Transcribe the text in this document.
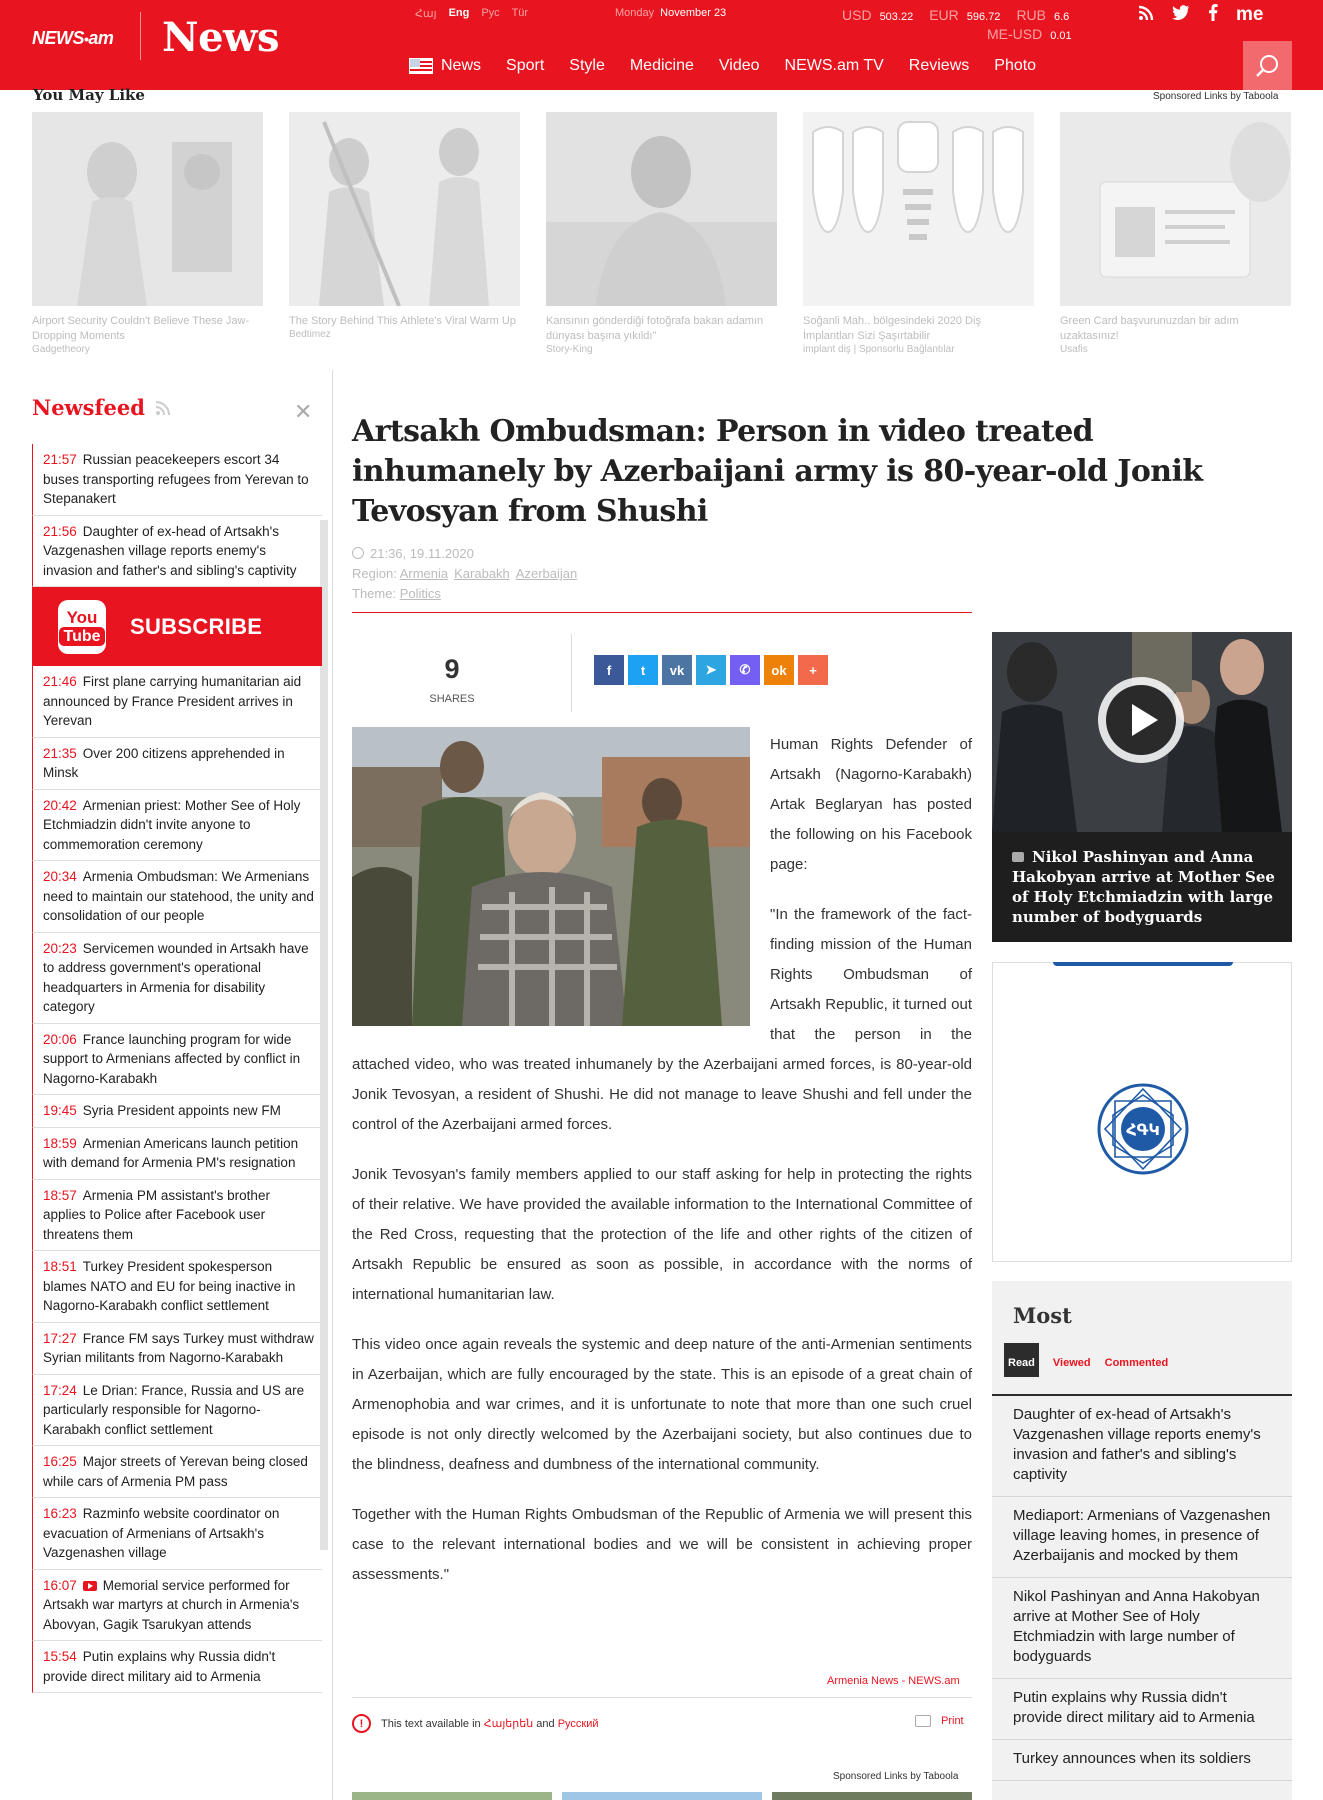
NEWS•am News	Հայ Eng Рус Tür	Monday November 23	USD 503.22 EUR 596.72 RUB 6.6
ME-USD 0.01
me
News Sport Style Medicine Video NEWS.am TV Reviews Photo
You May Like	Sponsored Links by Taboola
Airport Security Couldn't Believe These Jaw-Dropping Moments
Gadgetheory
The Story Behind This Athlete's Viral Warm Up
Bedtimez
Kansının gönderdiği fotoğrafa bakan adamın dünyası başına yıkıldı"
Story-King
Soğanli Mah.. bölgesindeki 2020 Diş İmplantları Sizi Şaşırtabilir
implant diş | Sponsorlu Bağlantılar
Green Card başvurunuzdan bir adım uzaktasınız!
Usafis
Newsfeed	✕
21:57 Russian peacekeepers escort 34 buses transporting refugees from Yerevan to Stepanakert
21:56 Daughter of ex-head of Artsakh's Vazgenashen village reports enemy's invasion and father's and sibling's captivity
You
Tube SUBSCRIBE
21:46 First plane carrying humanitarian aid announced by France President arrives in Yerevan
21:35 Over 200 citizens apprehended in Minsk
20:42 Armenian priest: Mother See of Holy Etchmiadzin didn't invite anyone to commemoration ceremony
20:34 Armenia Ombudsman: We Armenians need to maintain our statehood, the unity and consolidation of our people
20:23 Servicemen wounded in Artsakh have to address government's operational headquarters in Armenia for disability category
20:06 France launching program for wide support to Armenians affected by conflict in Nagorno-Karabakh
19:45 Syria President appoints new FM
18:59 Armenian Americans launch petition with demand for Armenia PM's resignation
18:57 Armenia PM assistant's brother applies to Police after Facebook user threatens them
18:51 Turkey President spokesperson blames NATO and EU for being inactive in Nagorno-Karabakh conflict settlement
17:27 France FM says Turkey must withdraw Syrian militants from Nagorno-Karabakh
17:24 Le Drian: France, Russia and US are particularly responsible for Nagorno-Karabakh conflict settlement
16:25 Major streets of Yerevan being closed while cars of Armenia PM pass
16:23 Razminfo website coordinator on evacuation of Armenians of Artsakh's Vazgenashen village
16:07 Memorial service performed for Artsakh war martyrs at church in Armenia's Abovyan, Gagik Tsarukyan attends
15:54 Putin explains why Russia didn't provide direct military aid to Armenia
Artsakh Ombudsman: Person in video treated inhumanely by Azerbaijani army is 80-year-old Jonik Tevosyan from Shushi
21:36, 19.11.2020
Region: Armenia Karabakh Azerbaijan
Theme: Politics
9
SHARES
f	t	vk	➤	✆	ok	+

Human Rights Defender of Artsakh (Nagorno-Karabakh) Artak Beglaryan has posted the following on his Facebook page:

"In the framework of the fact-finding mission of the Human Rights Ombudsman of Artsakh Republic, it turned out that the person in the attached video, who was treated inhumanely by the Azerbaijani armed forces, is 80-year-old Jonik Tevosyan, a resident of Shushi. He did not manage to leave Shushi and fell under the control of the Azerbaijani armed forces.

Jonik Tevosyan's family members applied to our staff asking for help in protecting the rights of their relative. We have provided the available information to the International Committee of the Red Cross, requesting that the protection of the life and other rights of the citizen of Artsakh Republic be ensured as soon as possible, in accordance with the norms of international humanitarian law.

This video once again reveals the systemic and deep nature of the anti-Armenian sentiments in Azerbaijan, which are fully encouraged by the state. This is an episode of a great chain of Armenophobia and war crimes, and it is unfortunate to note that more than one such cruel episode is not only directly welcomed by the Azerbaijani society, but also continues due to the blindness, deafness and dumbness of the international community.

Together with the Human Rights Ombudsman of the Republic of Armenia we will present this case to the relevant international bodies and we will be consistent in achieving proper assessments."

Armenia News - NEWS.am
!	This text available in Հայերեն and Русский	Print
Sponsored Links by Taboola
Nikol Pashinyan and Anna Hakobyan arrive at Mother See of Holy Etchmiadzin with large number of bodyguards
ՀԳԿ
Most
Read	Viewed Commented
Daughter of ex-head of Artsakh's Vazgenashen village reports enemy's invasion and father's and sibling's captivity
Mediaport: Armenians of Vazgenashen village leaving homes, in presence of Azerbaijanis and mocked by them
Nikol Pashinyan and Anna Hakobyan arrive at Mother See of Holy Etchmiadzin with large number of bodyguards
Putin explains why Russia didn't provide direct military aid to Armenia
Turkey announces when its soldiers
